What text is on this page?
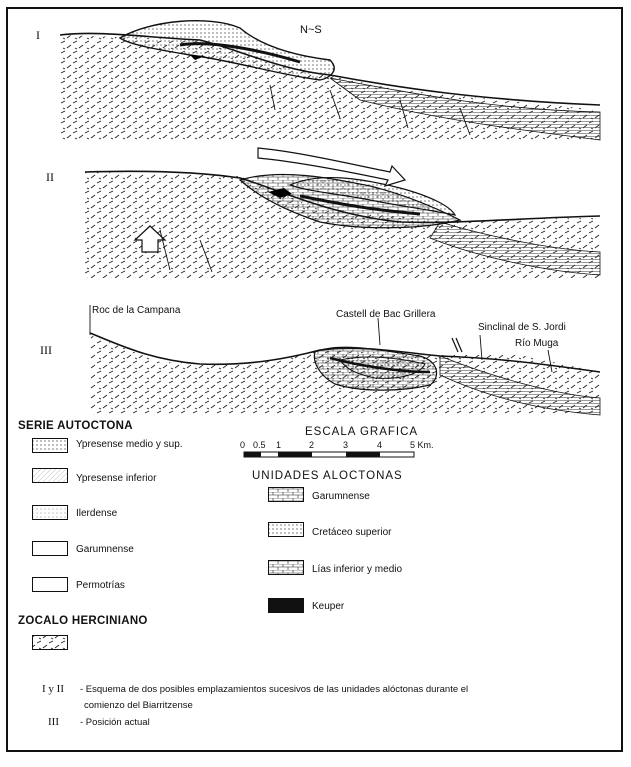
N~S
I
II
III
Roc de la Campana	Castell de Bac Grillera
Sinclinal de S. Jordi
Río Muga
SERIE AUTOCTONA
Ypresense medio y sup.
Ypresense inferior
Ilerdense
Garumnense
Permotrías
ZOCALO HERCINIANO
ESCALA GRAFICA
0 0.5 1	2	3	4	5 Km.
UNIDADES ALOCTONAS
Garumnense
Cretáceo superior
Lías inferior y medio
Keuper
I y II - Esquema de dos posibles emplazamientos sucesivos de las unidades alóctonas durante el
comienzo del Biarritzense
III - Posición actual
